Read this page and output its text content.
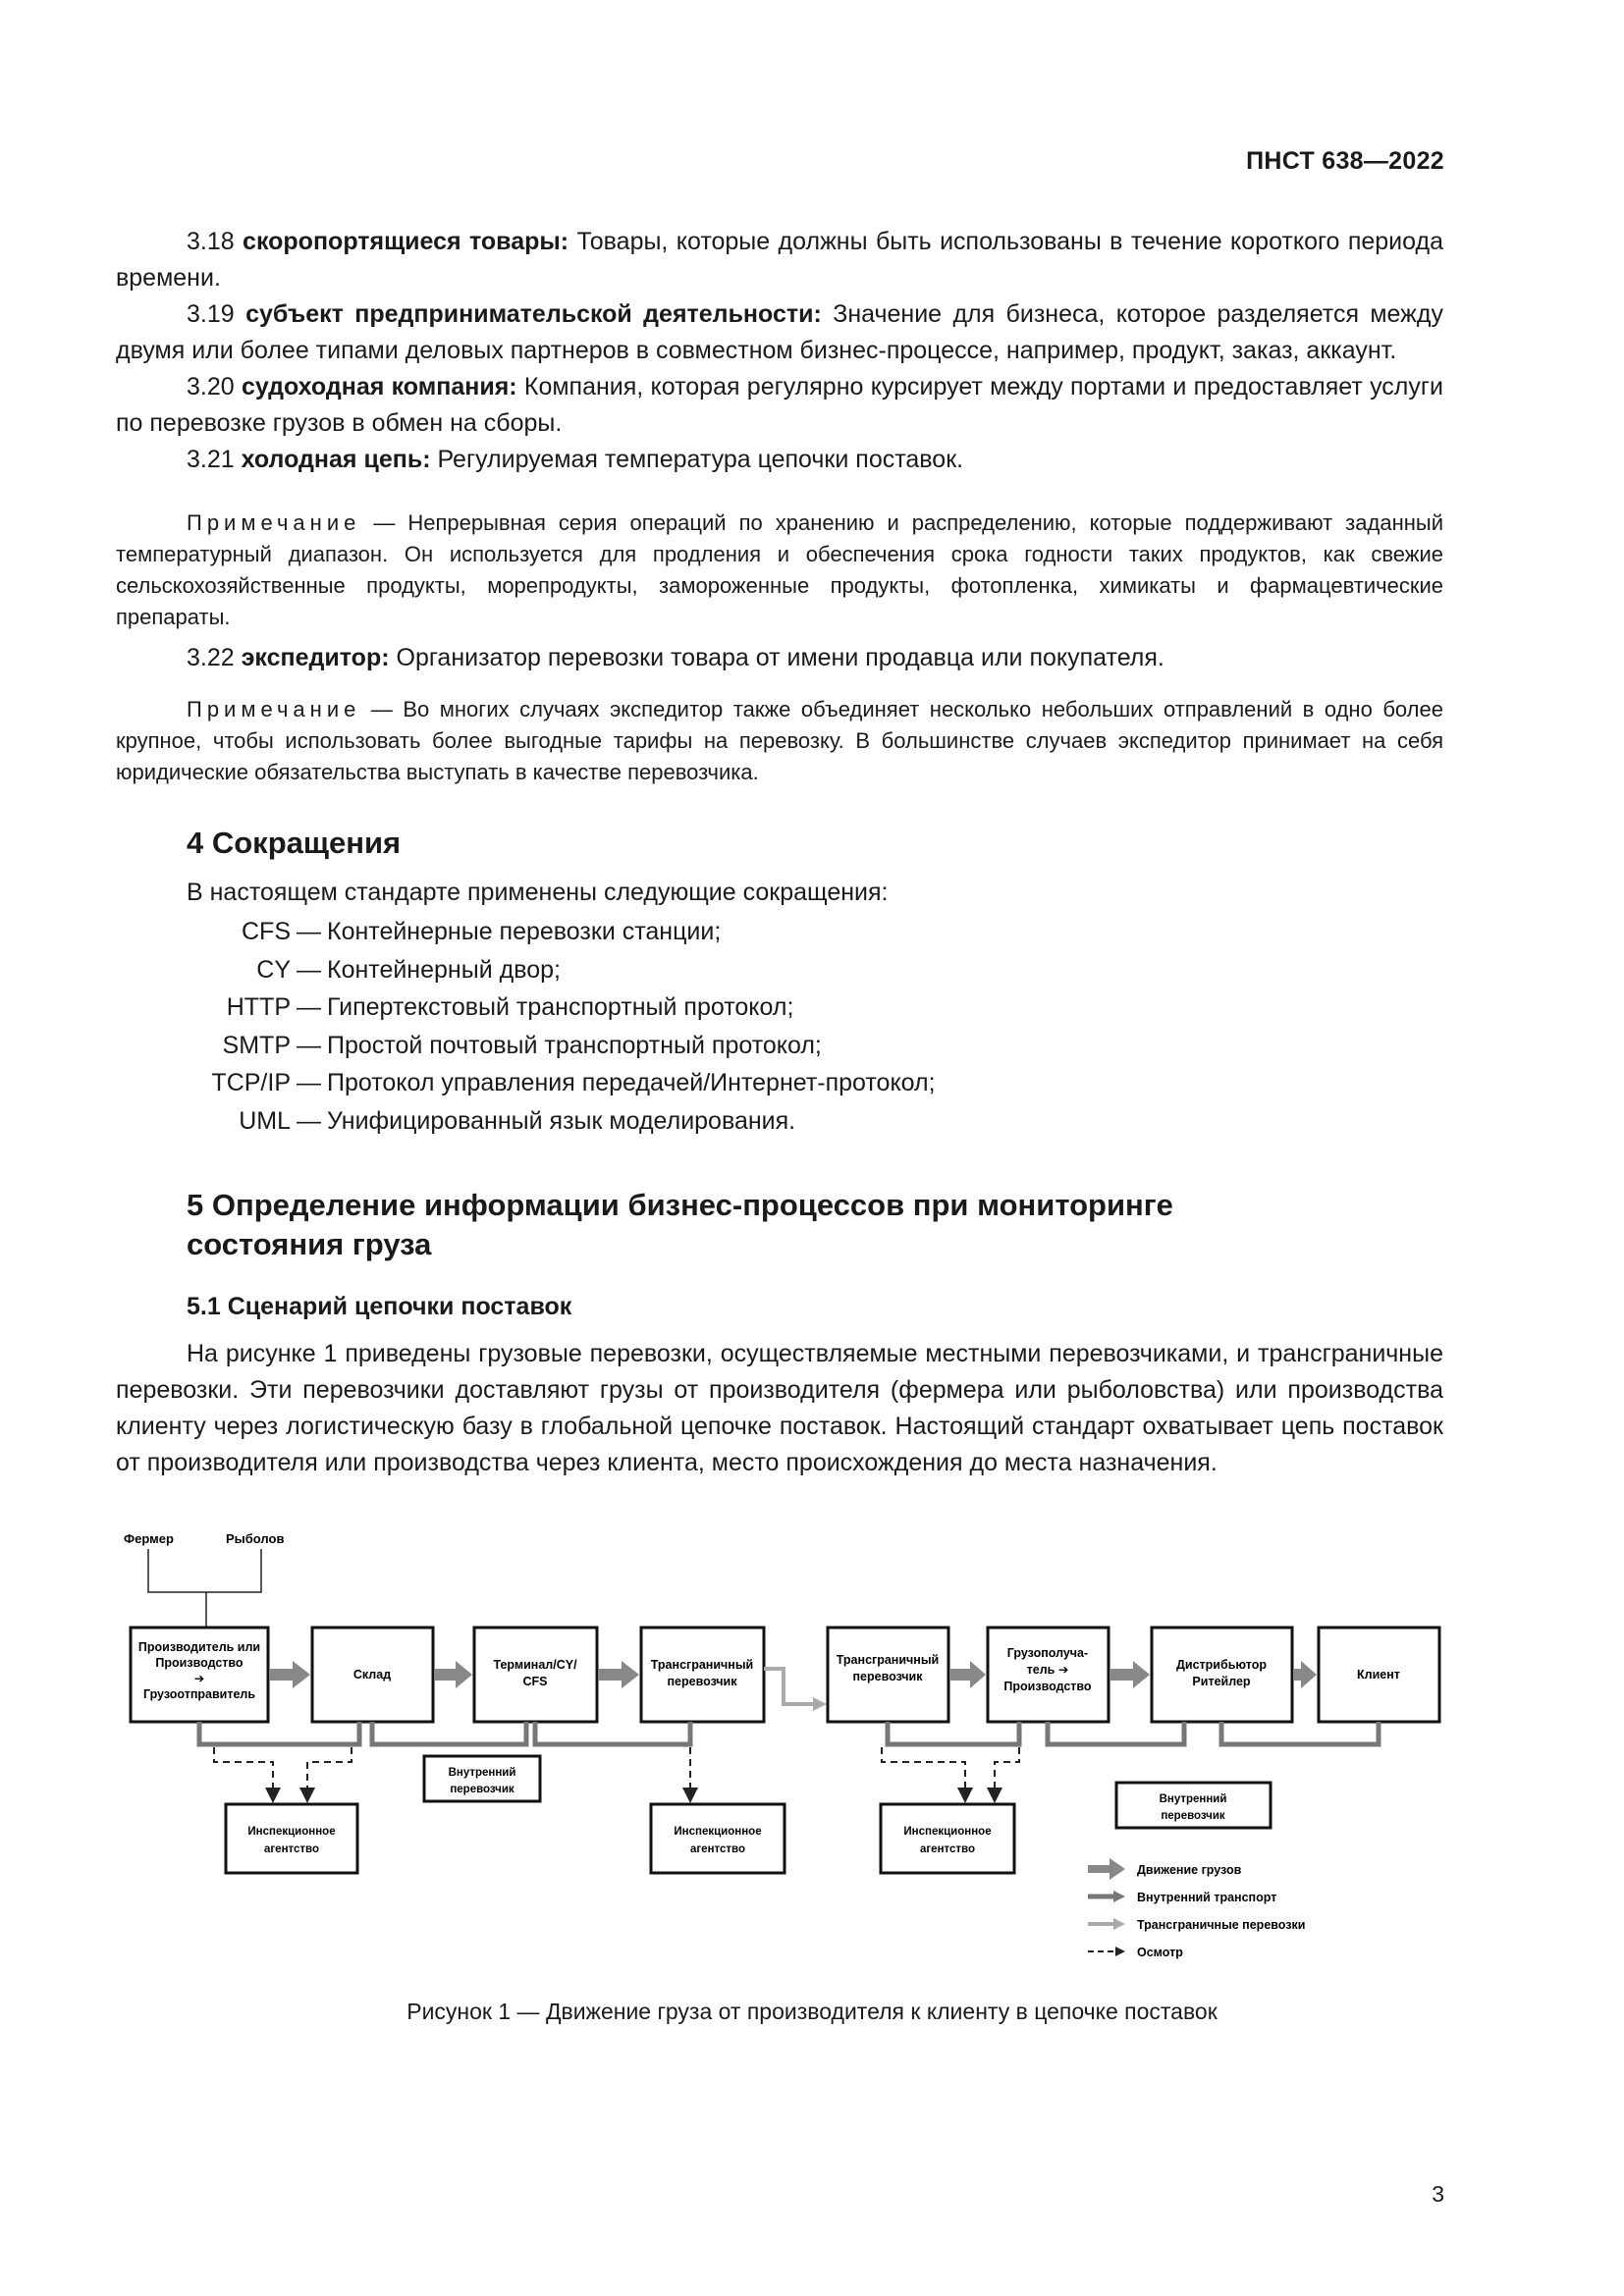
ПНСТ 638—2022

3.18 скоропортящиеся товары: Товары, которые должны быть использованы в течение короткого периода времени.

3.19 субъект предпринимательской деятельности: Значение для бизнеса, которое разделяется между двумя или более типами деловых партнеров в совместном бизнес-процессе, например, продукт, заказ, аккаунт.

3.20 судоходная компания: Компания, которая регулярно курсирует между портами и предоставляет услуги по перевозке грузов в обмен на сборы.

3.21 холодная цепь: Регулируемая температура цепочки поставок.

Примечание — Непрерывная серия операций по хранению и распределению, которые поддерживают заданный температурный диапазон. Он используется для продления и обеспечения срока годности таких продуктов, как свежие сельскохозяйственные продукты, морепродукты, замороженные продукты, фотопленка, химикаты и фармацевтические препараты.

3.22 экспедитор: Организатор перевозки товара от имени продавца или покупателя.

Примечание — Во многих случаях экспедитор также объединяет несколько небольших отправлений в одно более крупное, чтобы использовать более выгодные тарифы на перевозку. В большинстве случаев экспедитор принимает на себя юридические обязательства выступать в качестве перевозчика.

4 Сокращения
В настоящем стандарте применены следующие сокращения:
CFS — Контейнерные перевозки станции;
CY — Контейнерный двор;
HTTP — Гипертекстовый транспортный протокол;
SMTP — Простой почтовый транспортный протокол;
TCP/IP — Протокол управления передачей/Интернет-протокол;
UML — Унифицированный язык моделирования.
5 Определение информации бизнес-процессов при мониторинге
состояния груза
5.1 Сценарий цепочки поставок

На рисунке 1 приведены грузовые перевозки, осуществляемые местными перевозчиками, и трансграничные перевозки. Эти перевозчики доставляют грузы от производителя (фермера или рыболовства) или производства клиенту через логистическую базу в глобальной цепочке поставок. Настоящий стандарт охватывает цепь поставок от производителя или производства через клиента, место происхождения до места назначения.

Фермер	Рыболов
Производитель или
Производство
➔
Грузоотправитель
Склад
Терминал/CY/
CFS
Трансграничный
перевозчик
Трансграничный
перевозчик
Грузополуча-
тель ➔
Производство
Дистрибьютор
Ритейлер	Клиент
Внутренний
перевозчик
Внутренний
перевозчик
Инспекционное
агентство
Инспекционное
агентство
Инспекционное
агентство
Движение грузов
Внутренний транспорт
Трансграничные перевозки
Осмотр
Рисунок 1 — Движение груза от производителя к клиенту в цепочке поставок
3
